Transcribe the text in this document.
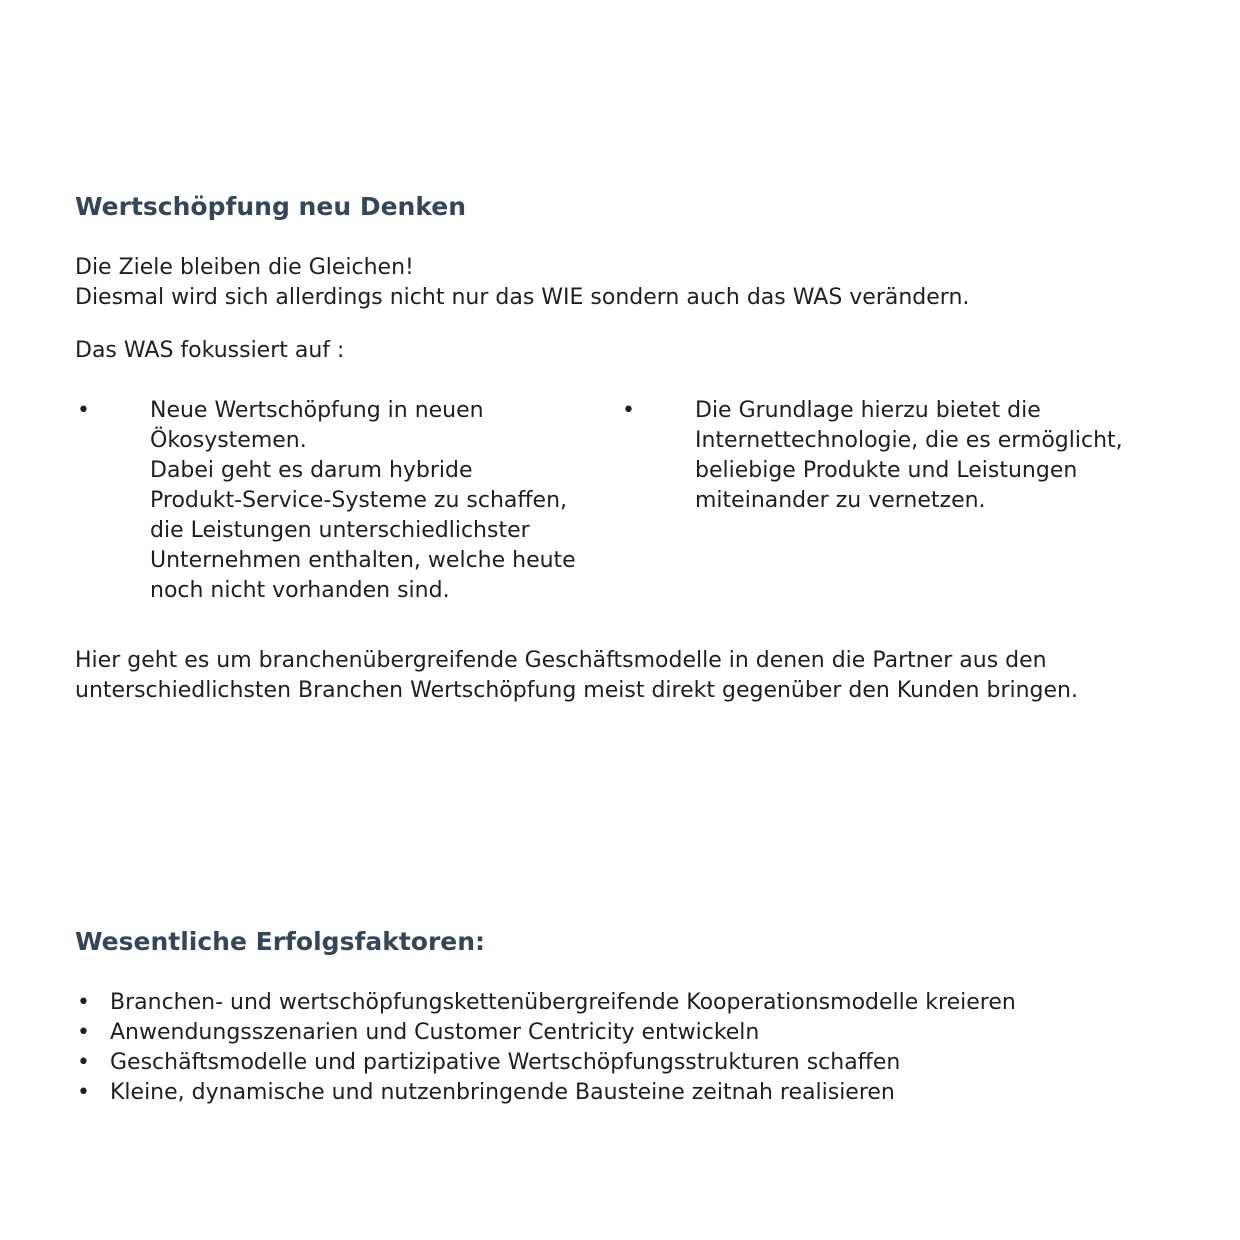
Wertschöpfung neu Denken
Die Ziele bleiben die Gleichen!
Diesmal wird sich allerdings nicht nur das WIE sondern auch das WAS verändern.
Das WAS fokussiert auf :
•	Neue Wertschöpfung in neuen
Ökosystemen.
Dabei geht es darum hybride
Produkt-Service-Systeme zu schaffen,
die Leistungen unterschiedlichster
Unternehmen enthalten, welche heute
noch nicht vorhanden sind.
•	Die Grundlage hierzu bietet die
Internettechnologie, die es ermöglicht,
beliebige Produkte und Leistungen
miteinander zu vernetzen.
Hier geht es um branchenübergreifende Geschäftsmodelle in denen die Partner aus den
unterschiedlichsten Branchen Wertschöpfung meist direkt gegenüber den Kunden bringen.
Wesentliche Erfolgsfaktoren:
• Branchen- und wertschöpfungskettenübergreifende Kooperationsmodelle kreieren
• Anwendungsszenarien und Customer Centricity entwickeln
• Geschäftsmodelle und partizipative Wertschöpfungsstrukturen schaffen
• Kleine, dynamische und nutzenbringende Bausteine zeitnah realisieren
